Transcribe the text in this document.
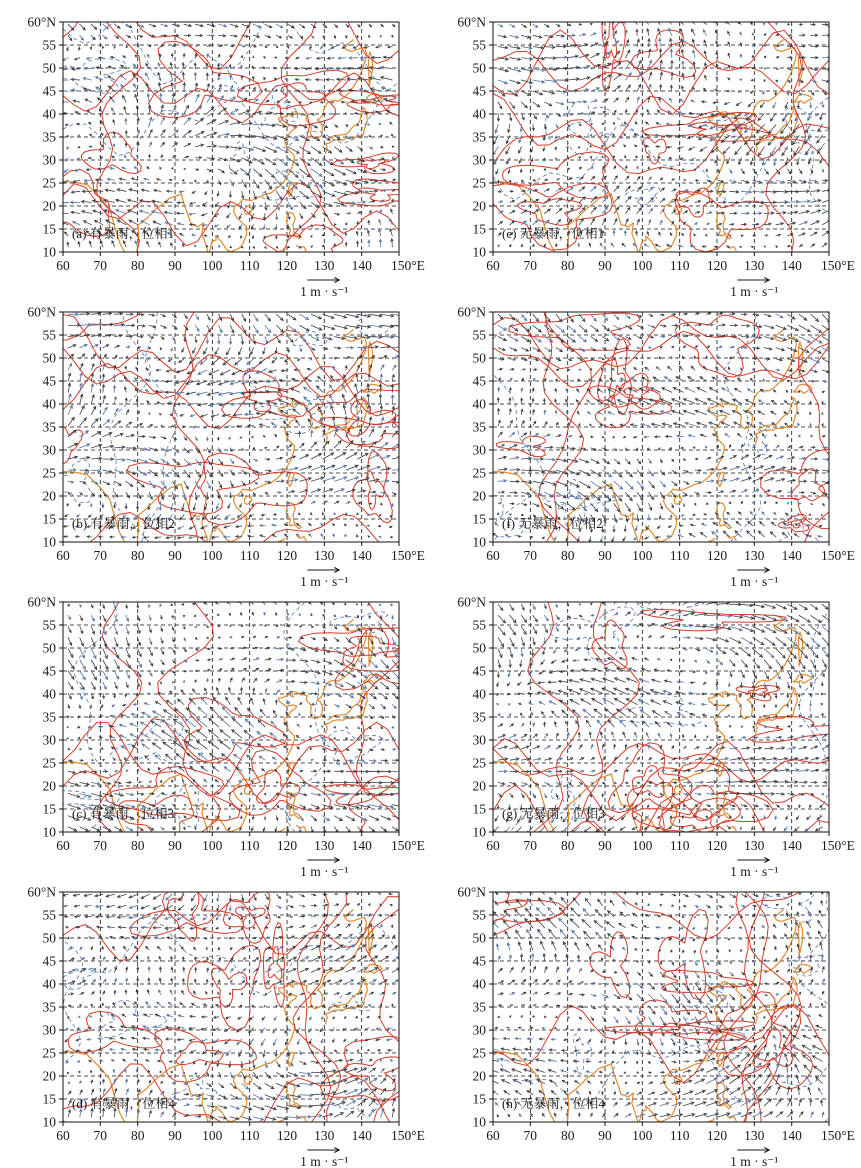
60 70 80 90 100 110 120 130 140 150°E
60°N
55
50
45
40
35
30
25
20
15
10
(a) 有暴雨，位相1
1 m · s⁻¹
60 70 80 90 100 110 120 130 140 150°E
60°N
55
50
45
40
35
30
25
20
15
10
(e) 无暴雨，位相1
1 m · s⁻¹
60 70 80 90 100 110 120 130 140 150°E
60°N
55
50
45
40
35
30
25
20
15
10
(b) 有暴雨，位相2
1 m · s⁻¹
60 70 80 90 100 110 120 130 140 150°E
60°N
55
50
45
40
35
30
25
20
15
10
(f) 无暴雨，位相2
1 m · s⁻¹
60 70 80 90 100 110 120 130 140 150°E
60°N
55
50
45
40
35
30
25
20
15
10
(c) 有暴雨，位相3
1 m · s⁻¹
60 70 80 90 100 110 120 130 140 150°E
60°N
55
50
45
40
35
30
25
20
15
10
(g) 无暴雨，位相3
1 m · s⁻¹
60 70 80 90 100 110 120 130 140 150°E
60°N
55
50
45
40
35
30
25
20
15
10
(d) 有暴雨，位相4
1 m · s⁻¹
60 70 80 90 100 110 120 130 140 150°E
60°N
55
50
45
40
35
30
25
20
15
10
(h) 无暴雨，位相4
1 m · s⁻¹
